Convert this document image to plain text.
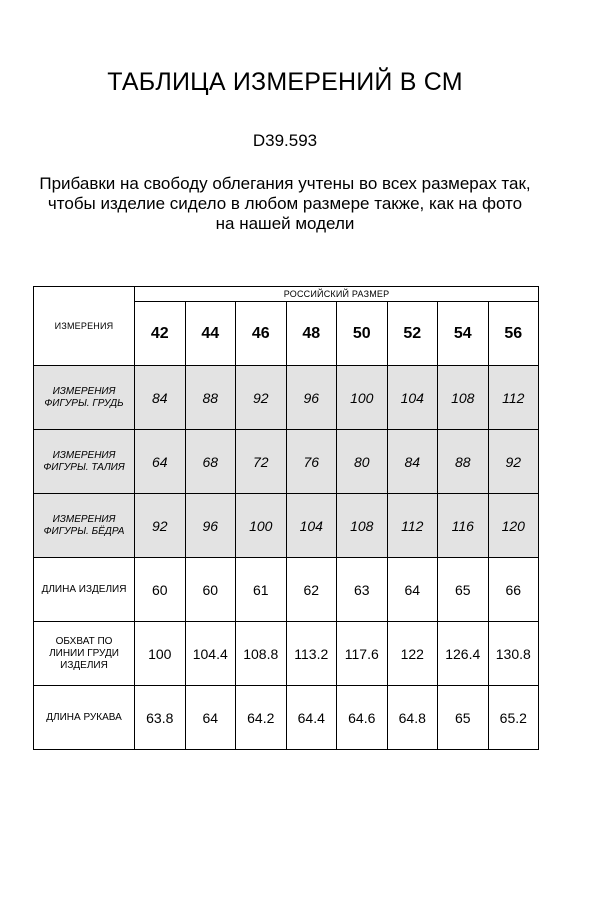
ТАБЛИЦА ИЗМЕРЕНИЙ В СМ
D39.593
Прибавки на свободу облегания учтены во всех размерах так,
чтобы изделие сидело в любом размере также, как на фото
на нашей модели
ИЗМЕРЕНИЯ	РОССИЙСКИЙ РАЗМЕР							
	42	44	46	48	50	52	54	56
ИЗМЕРЕНИЯ ФИГУРЫ. ГРУДЬ	84	88	92	96	100	104	108	112
ИЗМЕРЕНИЯ ФИГУРЫ. ТАЛИЯ	64	68	72	76	80	84	88	92
ИЗМЕРЕНИЯ ФИГУРЫ. БЁДРА	92	96	100	104	108	112	116	120
ДЛИНА ИЗДЕЛИЯ	60	60	61	62	63	64	65	66
ОБХВАТ ПО ЛИНИИ ГРУДИ ИЗДЕЛИЯ	100	104.4	108.8	113.2	117.6	122	126.4	130.8
ДЛИНА РУКАВА	63.8	64	64.2	64.4	64.6	64.8	65	65.2
